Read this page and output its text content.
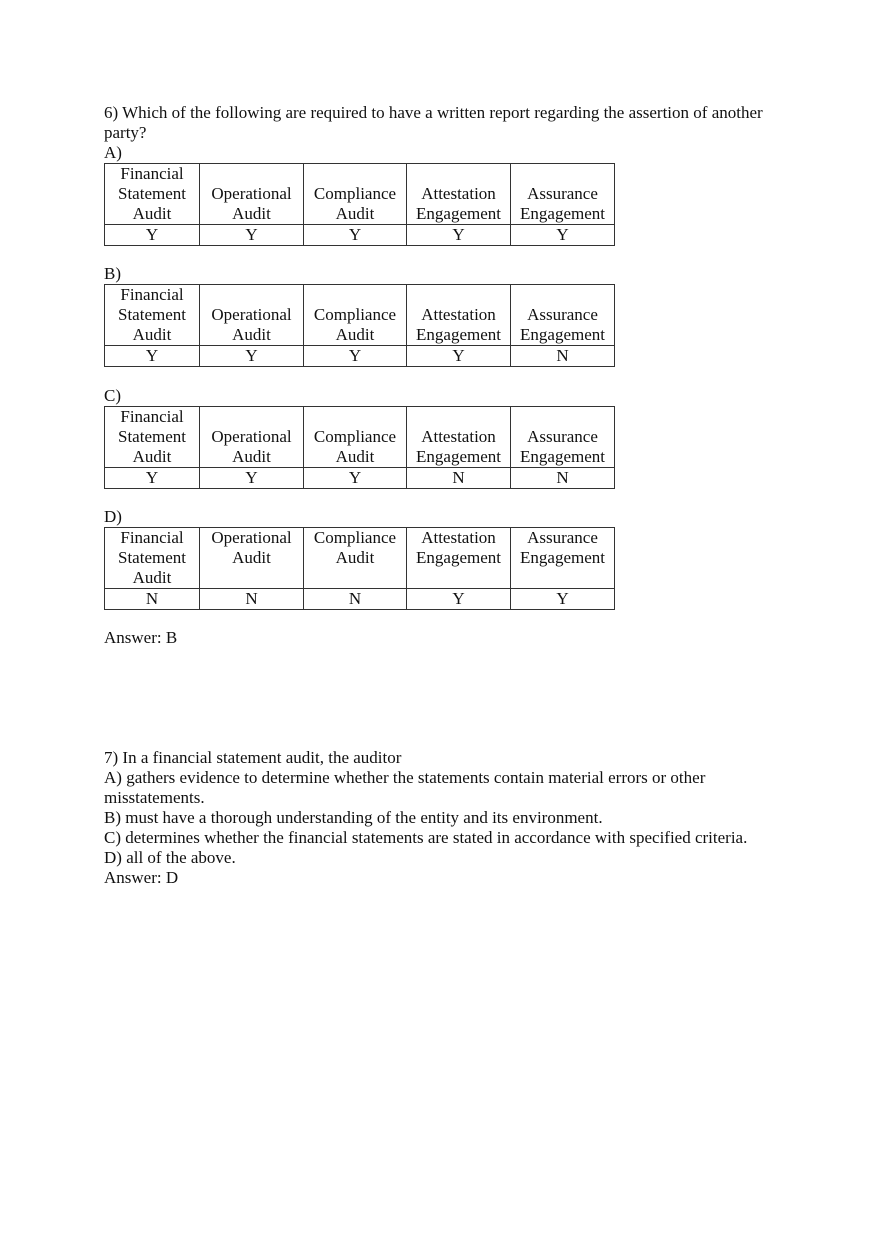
6) Which of the following are required to have a written report regarding the assertion of another party?
A)
Financial Statement Audit	Operational Audit	Compliance Audit	Attestation Engagement	Assurance Engagement
Y	Y	Y	Y	Y
B)
Financial Statement Audit	Operational Audit	Compliance Audit	Attestation Engagement	Assurance Engagement
Y	Y	Y	Y	N
C)
Financial Statement Audit	Operational Audit	Compliance Audit	Attestation Engagement	Assurance Engagement
Y	Y	Y	N	N
D)
Financial Statement Audit	Operational Audit	Compliance Audit	Attestation Engagement	Assurance Engagement
N	N	N	Y	Y
Answer: B

7) In a financial statement audit, the auditor

A) gathers evidence to determine whether the statements contain material errors or other misstatements.

B) must have a thorough understanding of the entity and its environment.

C) determines whether the financial statements are stated in accordance with specified criteria.

D) all of the above.

Answer: D
